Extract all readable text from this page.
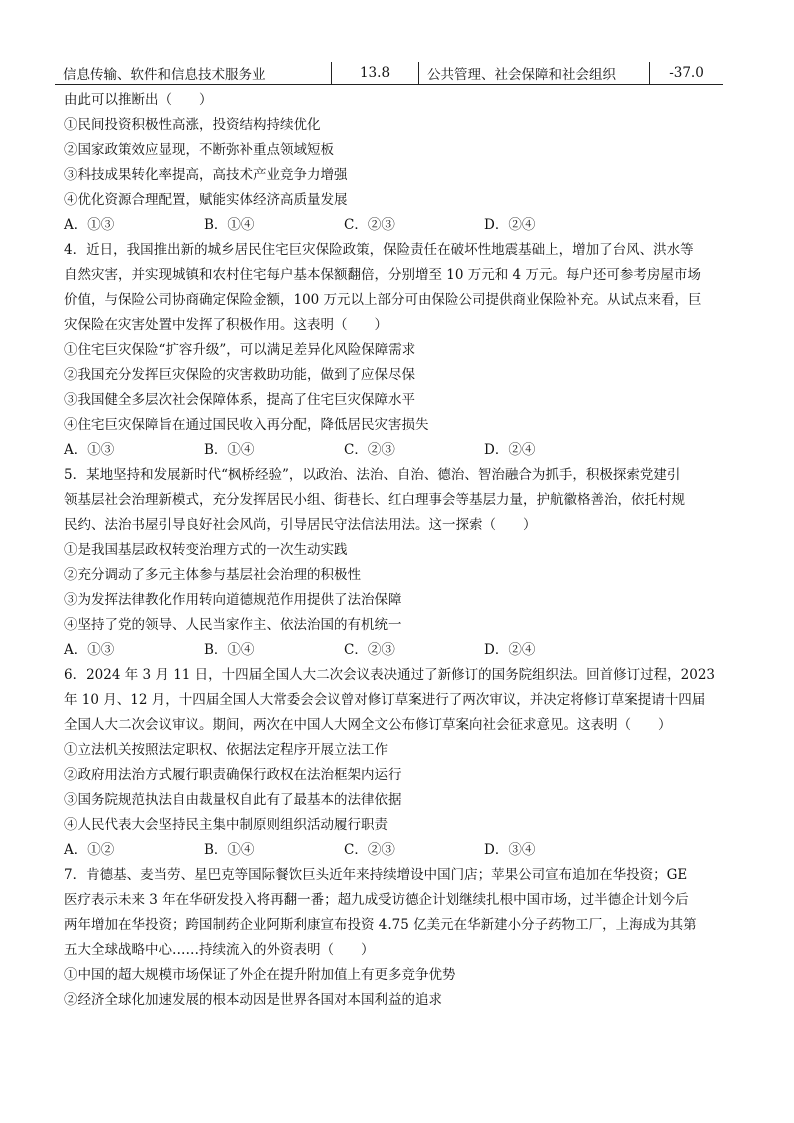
信息传输、软件和信息技术服务业	13.8	公共管理、社会保障和社会组织	-37.0
由此可以推断出（　　）
①民间投资积极性高涨，投资结构持续优化
②国家政策效应显现，不断弥补重点领域短板
③科技成果转化率提高，高技术产业竞争力增强
④优化资源合理配置，赋能实体经济高质量发展
A．①③	B．①④	C．②③	D．②④
4．近日，我国推出新的城乡居民住宅巨灾保险政策，保险责任在破坏性地震基础上，增加了台风、洪水等
自然灾害，并实现城镇和农村住宅每户基本保额翻倍，分别增至 10 万元和 4 万元。每户还可参考房屋市场
价值，与保险公司协商确定保险金额，100 万元以上部分可由保险公司提供商业保险补充。从试点来看，巨
灾保险在灾害处置中发挥了积极作用。这表明（　　）
①住宅巨灾保险“扩容升级”，可以满足差异化风险保障需求
②我国充分发挥巨灾保险的灾害救助功能，做到了应保尽保
③我国健全多层次社会保障体系，提高了住宅巨灾保障水平
④住宅巨灾保障旨在通过国民收入再分配，降低居民灾害损失
A．①③	B．①④	C．②③	D．②④
5．某地坚持和发展新时代“枫桥经验”，以政治、法治、自治、德治、智治融合为抓手，积极探索党建引
领基层社会治理新模式，充分发挥居民小组、街巷长、红白理事会等基层力量，护航徽格善治，依托村规
民约、法治书屋引导良好社会风尚，引导居民守法信法用法。这一探索（　　）
①是我国基层政权转变治理方式的一次生动实践
②充分调动了多元主体参与基层社会治理的积极性
③为发挥法律教化作用转向道德规范作用提供了法治保障
④坚持了党的领导、人民当家作主、依法治国的有机统一
A．①③	B．①④	C．②③	D．②④
6．2024 年 3 月 11 日，十四届全国人大二次会议表决通过了新修订的国务院组织法。回首修订过程，2023
年 10 月、12 月，十四届全国人大常委会会议曾对修订草案进行了两次审议，并决定将修订草案提请十四届
全国人大二次会议审议。期间，两次在中国人大网全文公布修订草案向社会征求意见。这表明（　　）
①立法机关按照法定职权、依据法定程序开展立法工作
②政府用法治方式履行职责确保行政权在法治框架内运行
③国务院规范执法自由裁量权自此有了最基本的法律依据
④人民代表大会坚持民主集中制原则组织活动履行职责
A．①②	B．①④	C．②③	D．③④
7．肯德基、麦当劳、星巴克等国际餐饮巨头近年来持续增设中国门店；苹果公司宣布追加在华投资；GE
医疗表示未来 3 年在华研发投入将再翻一番；超九成受访德企计划继续扎根中国市场，过半德企计划今后
两年增加在华投资；跨国制药企业阿斯利康宣布投资 4.75 亿美元在华新建小分子药物工厂，上海成为其第
五大全球战略中心……持续流入的外资表明（　　）
①中国的超大规模市场保证了外企在提升附加值上有更多竞争优势
②经济全球化加速发展的根本动因是世界各国对本国利益的追求
